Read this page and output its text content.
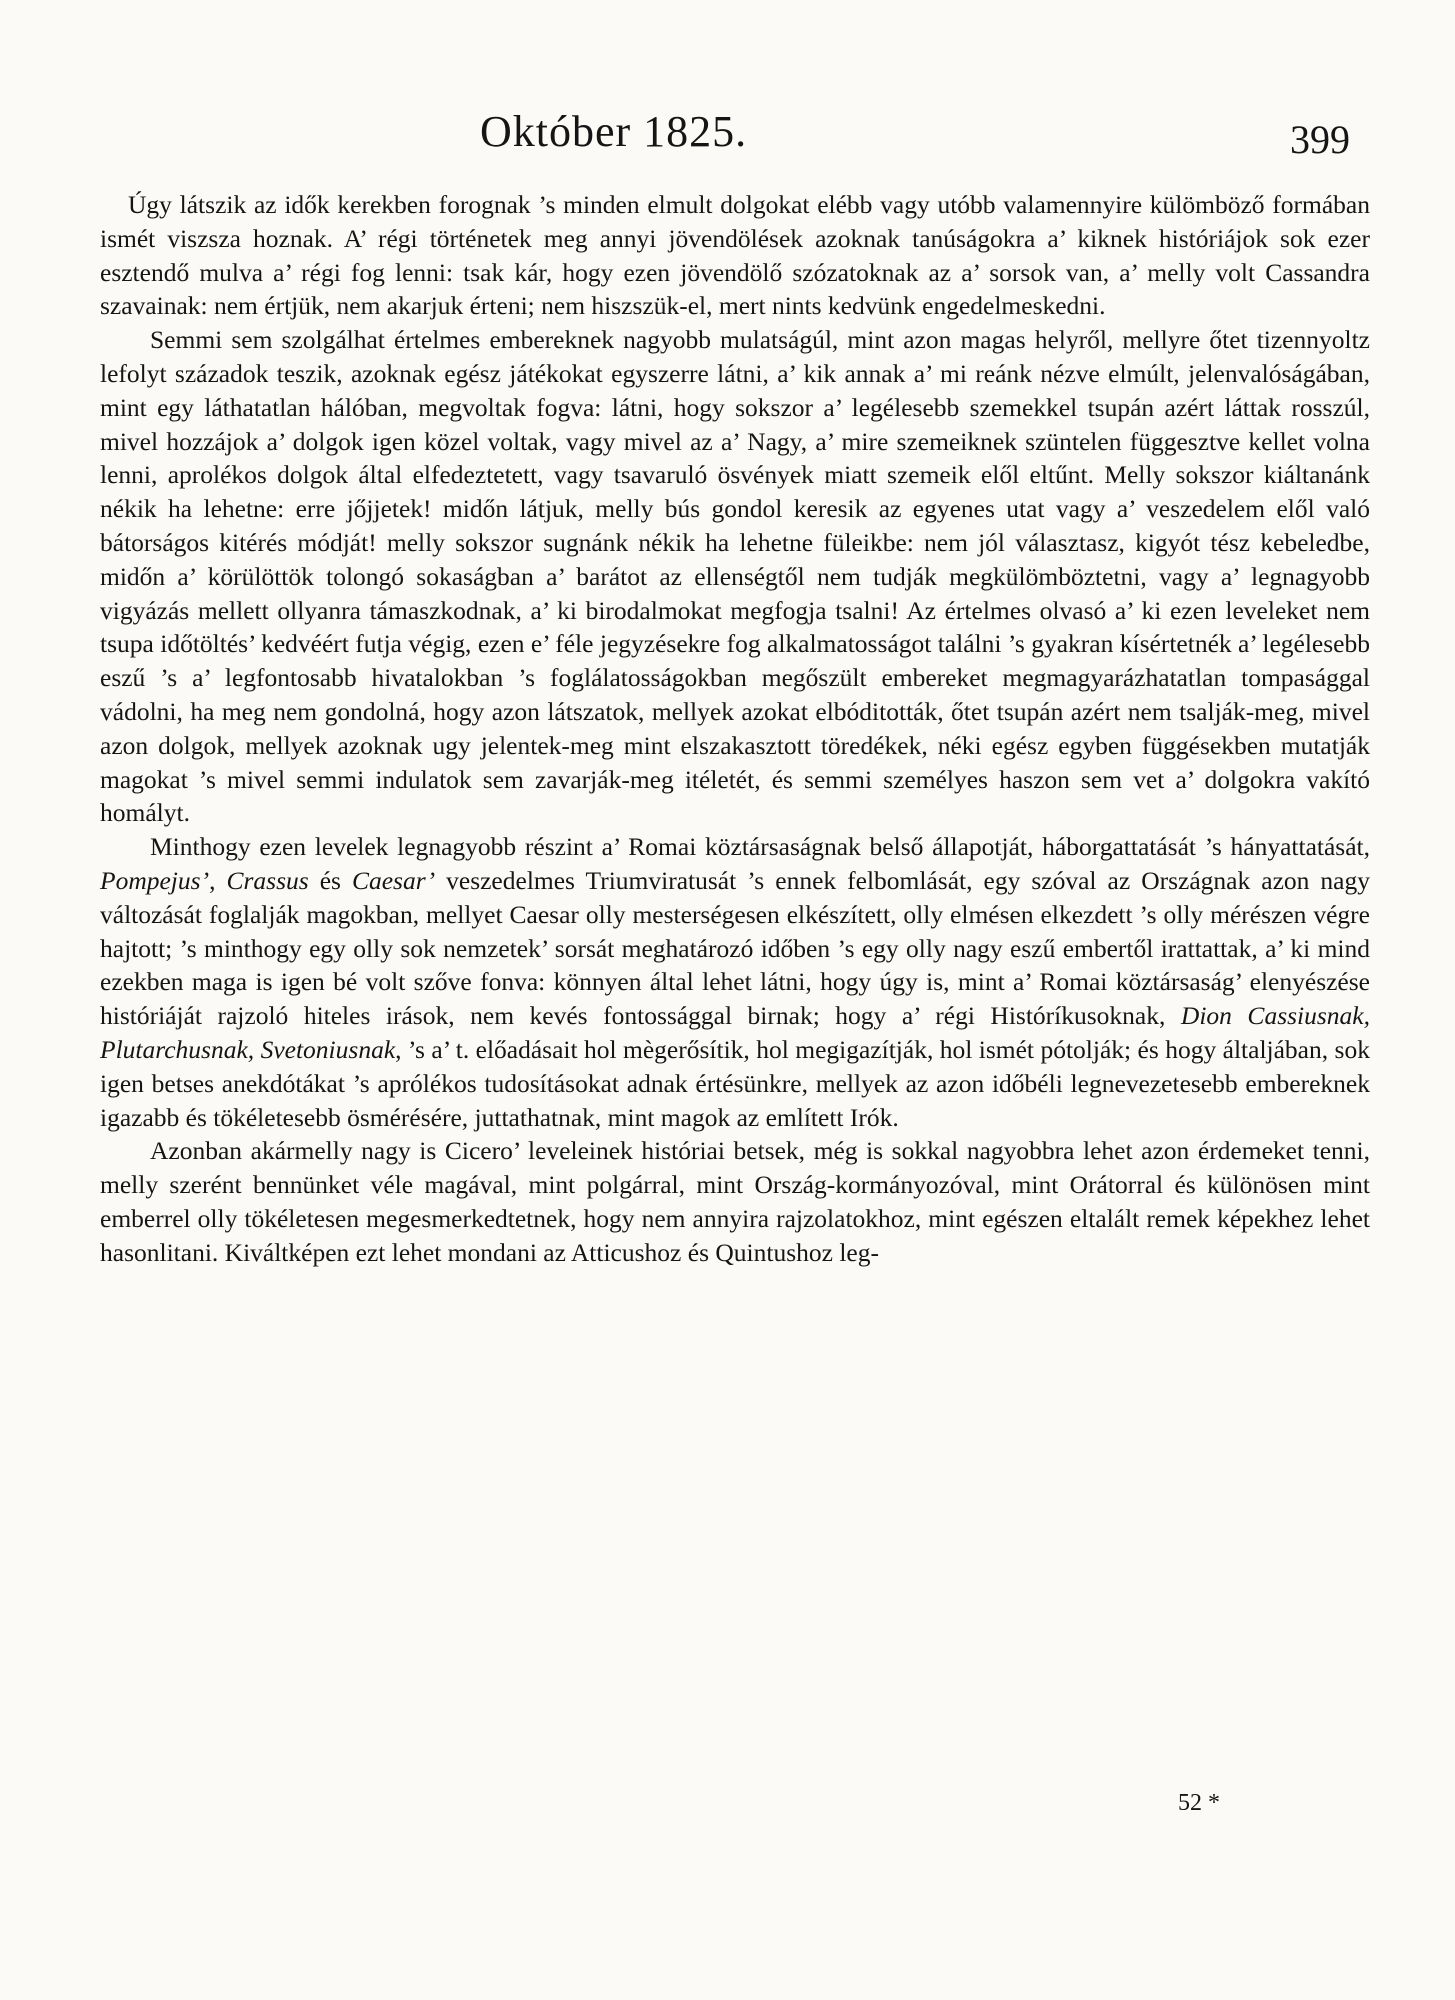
Október 1825.	399

Úgy látszik az idők kerekben forognak ’s minden elmult dolgokat elébb vagy utóbb valamennyire külömböző formában ismét viszsza hoznak. A’ régi történetek meg annyi jövendölések azoknak tanúságokra a’ kiknek históriájok sok ezer esztendő mulva a’ régi fog lenni: tsak kár, hogy ezen jövendölő szózatoknak az a’ sorsok van, a’ melly volt Cassandra szavainak: nem értjük, nem akarjuk érteni; nem hiszszük-el, mert nints kedvünk engedelmeskedni.

Semmi sem szolgálhat értelmes embereknek nagyobb mulatságúl, mint azon magas helyről, mellyre őtet tizennyoltz lefolyt századok teszik, azoknak egész játékokat egyszerre látni, a’ kik annak a’ mi reánk nézve elmúlt, jelenvalóságában, mint egy láthatatlan hálóban, megvoltak fogva: látni, hogy sokszor a’ legélesebb szemekkel tsupán azért láttak rosszúl, mivel hozzájok a’ dolgok igen közel voltak, vagy mivel az a’ Nagy, a’ mire szemeiknek szüntelen függesztve kellet volna lenni, aprolékos dolgok által elfedeztetett, vagy tsavaruló ösvények miatt szemeik elől eltűnt. Melly sokszor kiáltanánk nékik ha lehetne: erre jőjjetek! midőn látjuk, melly bús gondol keresik az egyenes utat vagy a’ veszedelem elől való bátorságos kitérés módját! melly sokszor sugnánk nékik ha lehetne füleikbe: nem jól választasz, kigyót tész kebeledbe, midőn a’ körülöttök tolongó sokaságban a’ barátot az ellenségtől nem tudják megkülömböztetni, vagy a’ legnagyobb vigyázás mellett ollyanra támaszkodnak, a’ ki birodalmokat megfogja tsalni! Az értelmes olvasó a’ ki ezen leveleket nem tsupa időtöltés’ kedvéért futja végig, ezen e’ féle jegyzésekre fog alkalmatosságot találni ’s gyakran kísértetnék a’ legélesebb eszű ’s a’ legfontosabb hivatalokban ’s foglálatosságokban megőszült embereket megmagyarázhatatlan tompasággal vádolni, ha meg nem gondolná, hogy azon látszatok, mellyek azokat elbóditották, őtet tsupán azért nem tsalják-meg, mivel azon dolgok, mellyek azoknak ugy jelentek-meg mint elszakasztott töredékek, néki egész egyben függésekben mutatják magokat ’s mivel semmi indulatok sem zavarják-meg itéletét, és semmi személyes haszon sem vet a’ dolgokra vakító homályt.

Minthogy ezen levelek legnagyobb részint a’ Romai köztársaságnak belső állapotját, háborgattatását ’s hányattatását, Pompejus’, Crassus és Caesar’ veszedelmes Triumviratusát ’s ennek felbomlását, egy szóval az Országnak azon nagy változását foglalják magokban, mellyet Caesar olly mesterségesen elkészített, olly elmésen elkezdett ’s olly mérészen végre hajtott; ’s minthogy egy olly sok nemzetek’ sorsát meghatározó időben ’s egy olly nagy eszű embertől irattattak, a’ ki mind ezekben maga is igen bé volt szőve fonva: könnyen által lehet látni, hogy úgy is, mint a’ Romai köztársaság’ elenyészése históriáját rajzoló hiteles irások, nem kevés fontossággal birnak; hogy a’ régi Históríkusoknak, Dion Cassiusnak, Plutarchusnak, Svetoniusnak, ’s a’ t. előadásait hol mègerősítik, hol megigazítják, hol ismét pótolják; és hogy általjában, sok igen betses anekdótákat ’s aprólékos tudosításokat adnak értésünkre, mellyek az azon időbéli legnevezetesebb embereknek igazabb és tökéletesebb ösmérésére, juttathatnak, mint magok az említett Irók.

Azonban akármelly nagy is Cicero’ leveleinek históriai betsek, még is sokkal nagyobbra lehet azon érdemeket tenni, melly szerént bennünket véle magával, mint polgárral, mint Ország-kormányozóval, mint Orátorral és különösen mint emberrel olly tökéletesen megesmerkedtetnek, hogy nem annyira rajzolatokhoz, mint egészen eltalált remek képekhez lehet hasonlitani. Kiváltképen ezt lehet mondani az Atticushoz és Quintushoz leg-

52 *
